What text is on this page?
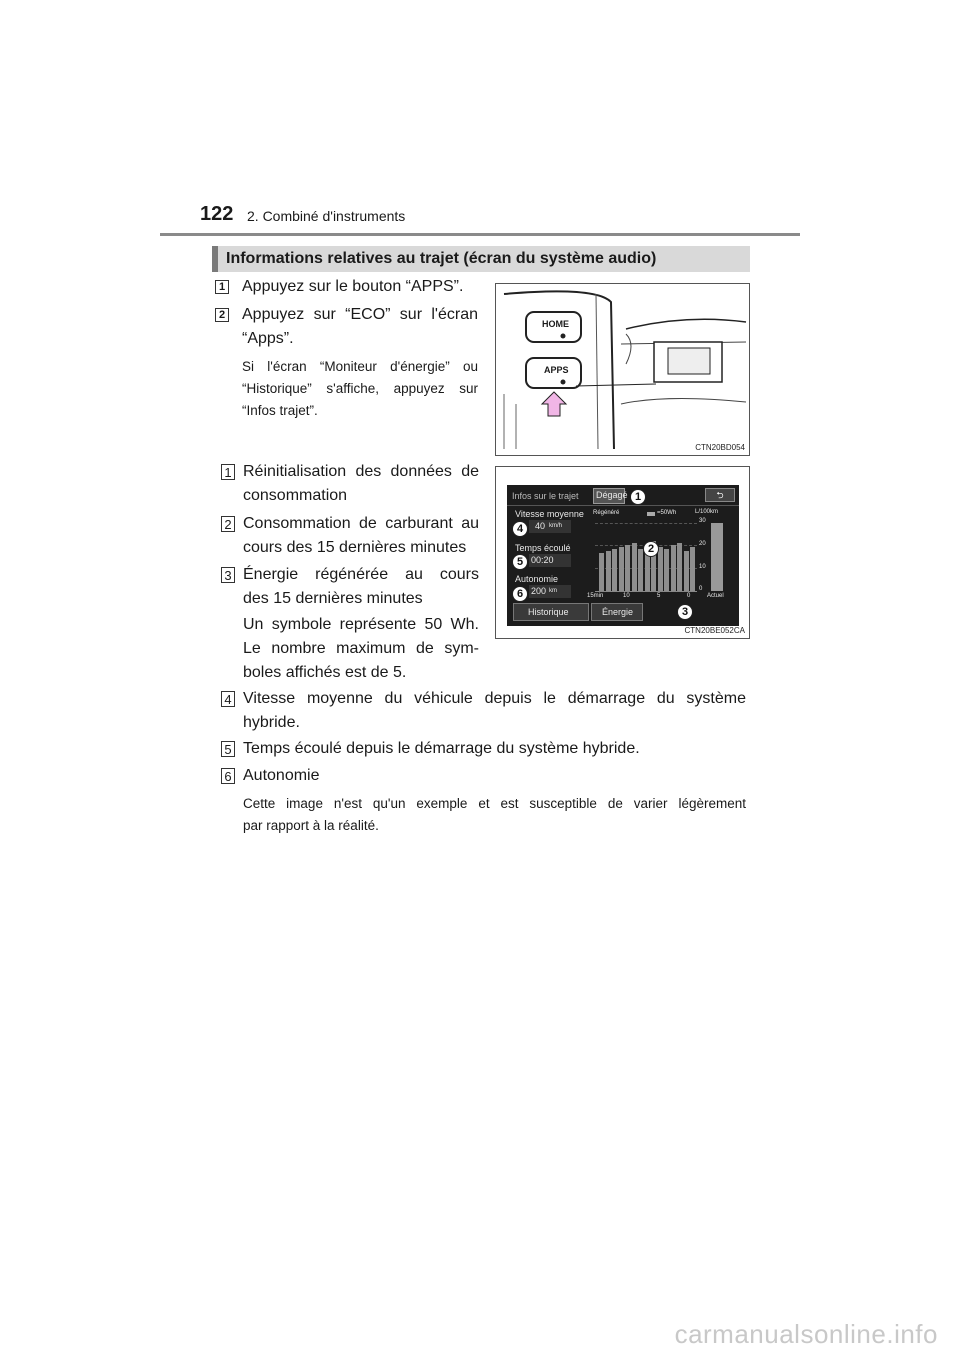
122 2. Combiné d'instruments
Informations relatives au trajet (écran du système audio)
1 Appuyez sur le bouton “APPS”.
2 Appuyez sur “ECO” sur l'écran
“Apps”.
Si l'écran “Moniteur d'énergie” ou
“Historique” s'affiche, appuyez sur
“Infos trajet”.
HOME
APPS
CTN20BD054
Infos sur le trajet Dégagé	⮌
Vitesse moyenne
40 km/h
Temps écoulé
00:20
Autonomie
200 km
Régénéré	=50Wh	L/100km
30
20
10
0
15min	10	5	0	Actuel
Historique	Énergie
1
2
3
4
5
6
CTN20BE052CA
1 Réinitialisation des données de
consommation
2 Consommation de carburant au
cours des 15 dernières minutes
3 Énergie régénérée au cours
des 15 dernières minutes
Un symbole représente 50 Wh.
Le nombre maximum de sym-
boles affichés est de 5.
4 Vitesse moyenne du véhicule depuis le démarrage du système
hybride.
5 Temps écoulé depuis le démarrage du système hybride.
6 Autonomie
Cette image n'est qu'un exemple et est susceptible de varier légèrement
par rapport à la réalité.
carmanualsonline.info
